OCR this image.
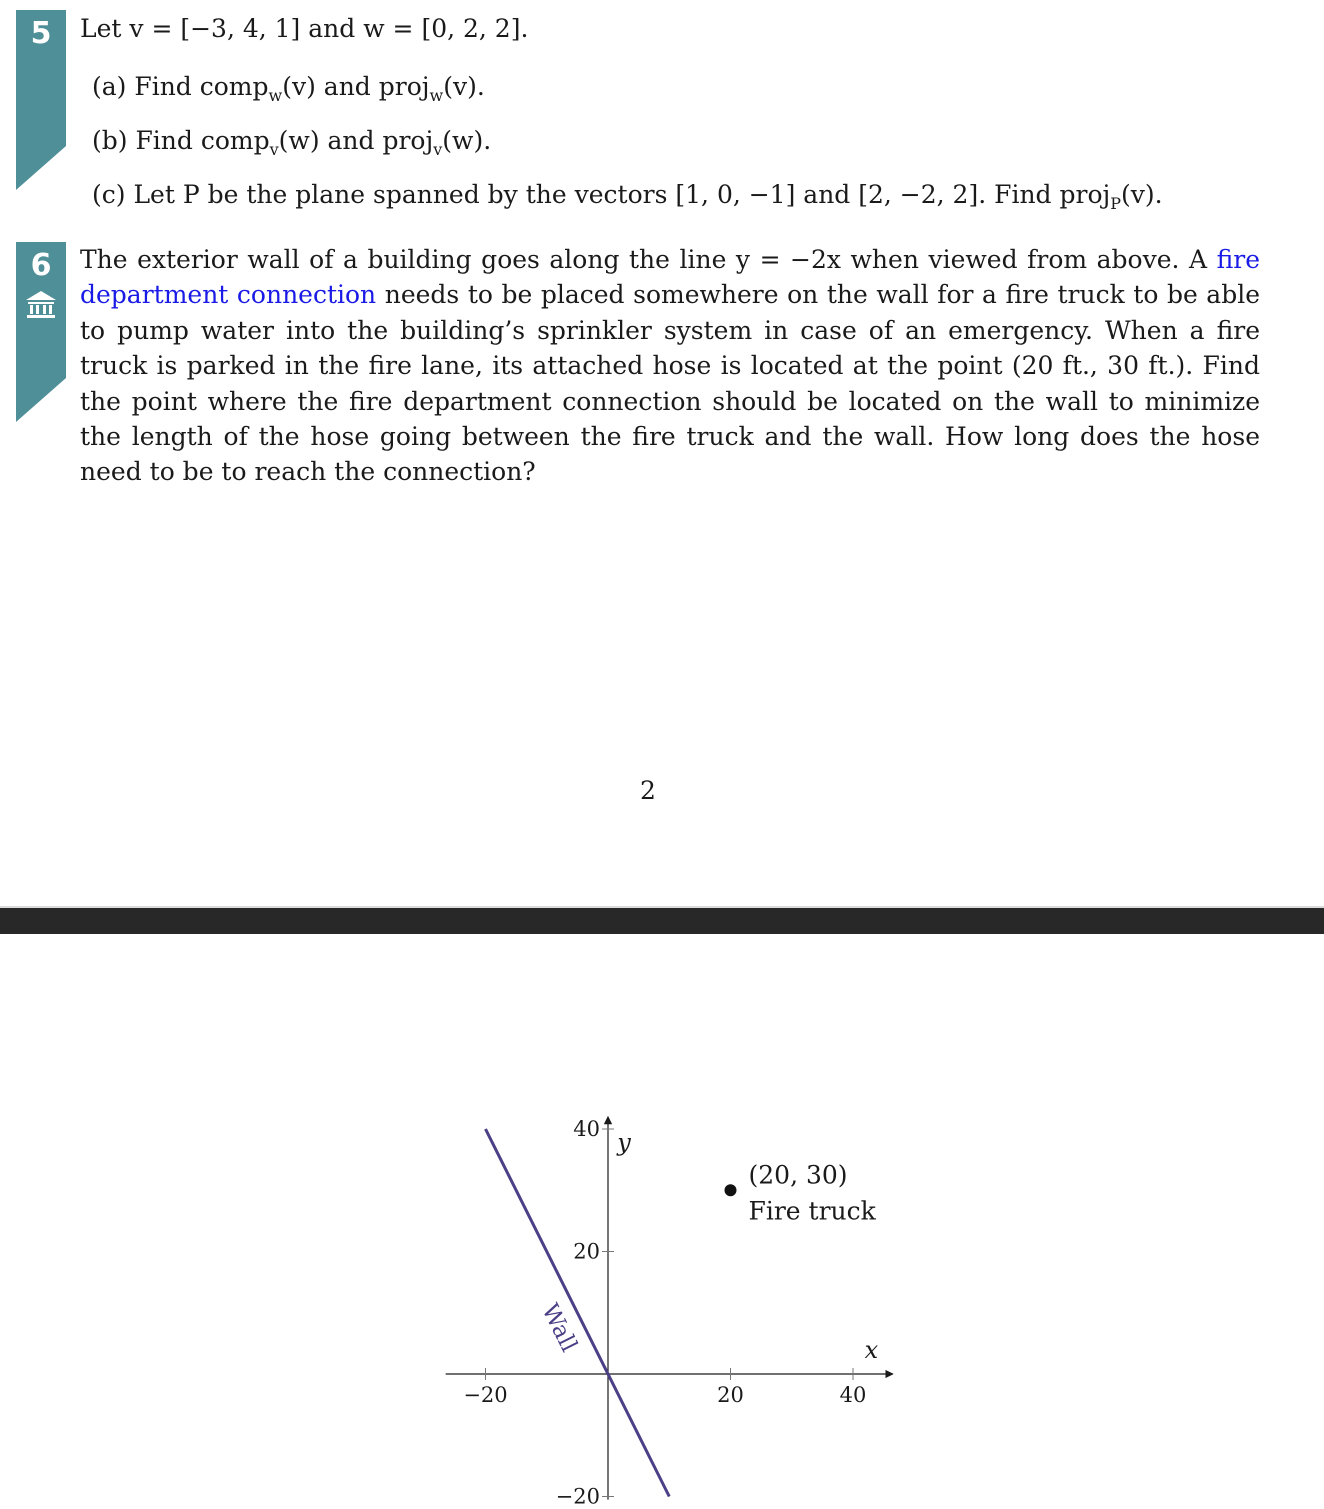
5	Let v = [−3, 4, 1] and w = [0, 2, 2].
(a) Find comp$_w$(v) and proj$_w$(v).
(b) Find comp$_v$(w) and proj$_v$(w).
(c) Let P be the plane spanned by the vectors [1, 0, −1] and [2, −2, 2]. Find proj$_P$(v).
6	The exterior wall of a building goes along the line y = −2x when viewed from above. A fire department connection needs to be placed somewhere on the wall for a fire truck to be able to pump water into the building’s sprinkler system in case of an emergency. When a fire truck is parked in the fire lane, its attached hose is located at the point (20 ft., 30 ft.). Find the point where the fire department connection should be located on the wall to minimize the length of the hose going between the fire truck and the wall. How long does the hose need to be to reach the connection?
2
−20	20	40
−20
20
40
x
y
Wall
(20, 30)
Fire truck
